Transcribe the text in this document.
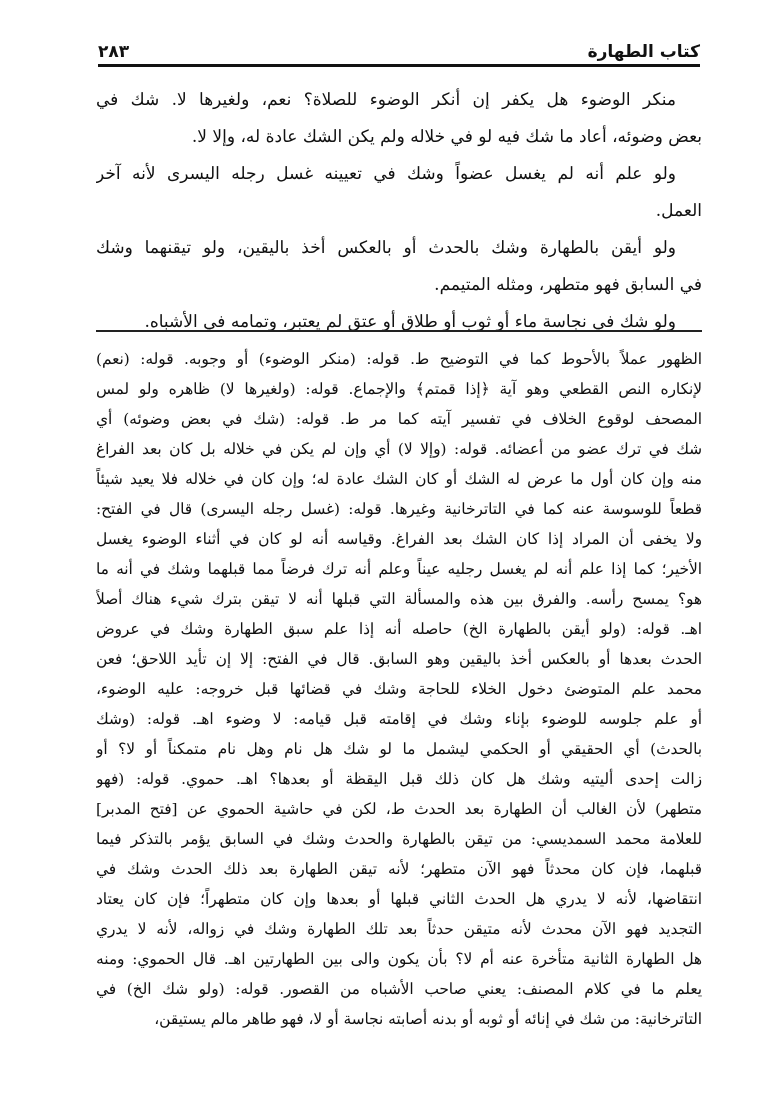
كتاب الطهارة
٢٨٣
منكر الوضوء هل يكفر إن أنكر الوضوء للصلاة؟ نعم، ولغيرها لا. شك في
بعض وضوئه، أعاد ما شك فيه لو في خلاله ولم يكن الشك عادة له، وإلا لا.
ولو علم أنه لم يغسل عضواً وشك في تعيينه غسل رجله اليسرى لأنه آخر
العمل.
ولو أيقن بالطهارة وشك بالحدث أو بالعكس أخذ باليقين، ولو تيقنهما وشك
في السابق فهو متطهر، ومثله المتيمم.
ولو شك في نجاسة ماء أو ثوب أو طلاق أو عتق لم يعتبر، وتمامه في الأشباه.
الظهور عملاً بالأحوط كما في التوضيح ط. قوله: (منكر الوضوء) أو وجوبه. قوله: (نعم)
لإنكاره النص القطعي وهو آية ﴿إذا قمتم﴾ والإجماع. قوله: (ولغيرها لا) ظاهره ولو لمس
المصحف لوقوع الخلاف في تفسير آيته كما مر ط. قوله: (شك في بعض وضوئه) أي
شك في ترك عضو من أعضائه. قوله: (وإلا لا) أي وإن لم يكن في خلاله بل كان بعد الفراغ
منه وإن كان أول ما عرض له الشك أو كان الشك عادة له؛ وإن كان في خلاله فلا يعيد شيئاً
قطعاً للوسوسة عنه كما في التاترخانية وغيرها. قوله: (غسل رجله اليسرى) قال في الفتح:
ولا يخفى أن المراد إذا كان الشك بعد الفراغ. وقياسه أنه لو كان في أثناء الوضوء يغسل
الأخير؛ كما إذا علم أنه لم يغسل رجليه عيناً وعلم أنه ترك فرضاً مما قبلهما وشك في أنه ما
هو؟ يمسح رأسه. والفرق بين هذه والمسألة التي قبلها أنه لا تيقن بترك شيء هناك أصلاً
اهـ. قوله: (ولو أيقن بالطهارة الخ) حاصله أنه إذا علم سبق الطهارة وشك في عروض
الحدث بعدها أو بالعكس أخذ باليقين وهو السابق. قال في الفتح: إلا إن تأيد اللاحق؛ فعن
محمد علم المتوضئ دخول الخلاء للحاجة وشك في قضائها قبل خروجه: عليه الوضوء،
أو علم جلوسه للوضوء بإناء وشك في إقامته قبل قيامه: لا وضوء اهـ. قوله: (وشك
بالحدث) أي الحقيقي أو الحكمي ليشمل ما لو شك هل نام وهل نام متمكناً أو لا؟ أو
زالت إحدى أليتيه وشك هل كان ذلك قبل اليقظة أو بعدها؟ اهـ. حموي. قوله: (فهو
متطهر) لأن الغالب أن الطهارة بعد الحدث ط، لكن في حاشية الحموي عن [فتح المدبر]
للعلامة محمد السمديسي: من تيقن بالطهارة والحدث وشك في السابق يؤمر بالتذكر فيما
قبلهما، فإن كان محدثاً فهو الآن متطهر؛ لأنه تيقن الطهارة بعد ذلك الحدث وشك في
انتقاضها، لأنه لا يدري هل الحدث الثاني قبلها أو بعدها وإن كان متطهراً؛ فإن كان يعتاد
التجديد فهو الآن محدث لأنه متيقن حدثاً بعد تلك الطهارة وشك في زواله، لأنه لا يدري
هل الطهارة الثانية متأخرة عنه أم لا؟ بأن يكون والى بين الطهارتين اهـ. قال الحموي: ومنه
يعلم ما في كلام المصنف: يعني صاحب الأشباه من القصور. قوله: (ولو شك الخ) في
التاترخانية: من شك في إنائه أو ثوبه أو بدنه أصابته نجاسة أو لا، فهو طاهر مالم يستيقن،
